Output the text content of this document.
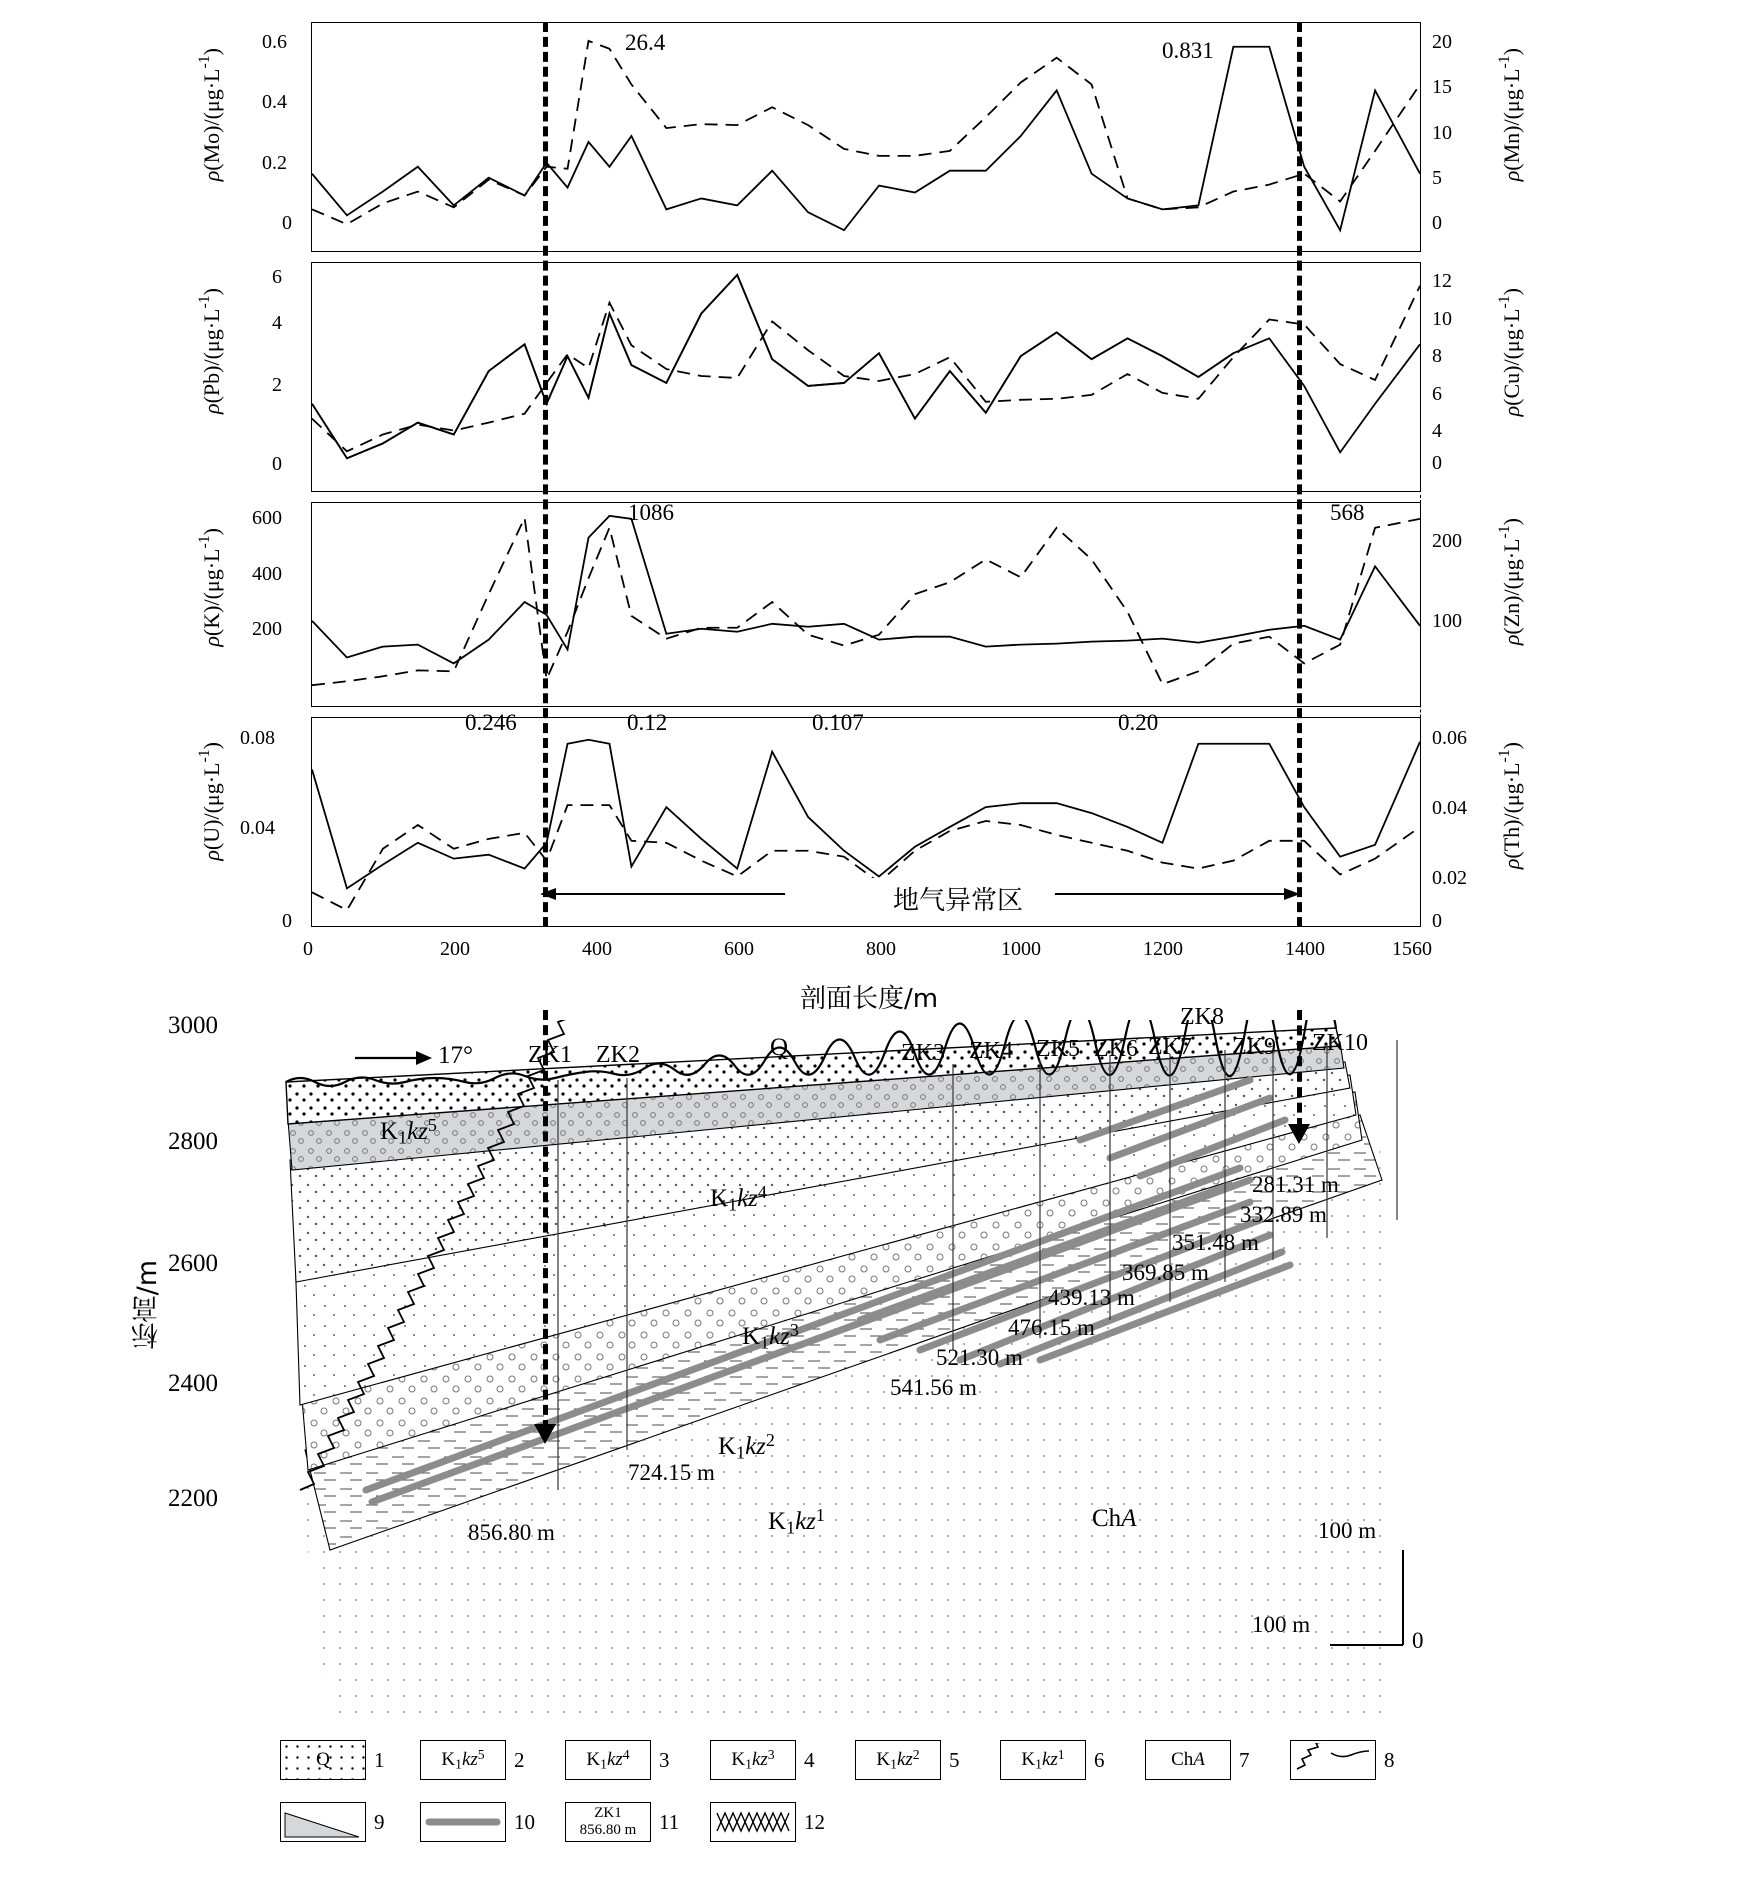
0.6
0.4
0.2
0
20
15
10
5
0
26.4	0.831
$\rho(Mo)/(\mu g\cdot L^{-1})$
$\rho(Mn)/(\mu g\cdot L^{-1})$
6
4
2
0
12
10
8
6
4
0
$\rho(Pb)/(\mu g\cdot L^{-1})$
$\rho(Cu)/(\mu g\cdot L^{-1})$
600
400
200
200
100
1086	568
$\rho(K)/(\mu g\cdot L^{-1})$
$\rho(Zn)/(\mu g\cdot L^{-1})$
0.08
0.04
0
0.06
0.04
0.02
0
0.246	0.12	0.107	0.20
$\rho(U)/(\mu g\cdot L^{-1})$
$\rho(Th)/(\mu g\cdot L^{-1})$
地气异常区
0	200	400	600	800	1000	1200	1400	1560
剖面长度/m
3000
2800
2600
2400
2200
标高/m
17° ZK1 ZK2	ZK3 ZK4 ZK5 ZK6 ZK7
ZK8
ZK9 ZK10
541.56 m
521.30 m
476.15 m
439.13 m
369.85 m
351.48 m
332.89 m
281.31 m
724.15 m
856.80 m
Q
$K_1kz^5$
$K_1kz^4$
$K_1kz^3$
$K_1kz^2$
$K_1kz^1$	ChA	100 m
100 m
0
Q 1	$K_1kz^5$ 2	$K_1kz^4$ 3	$K_1kz^3$ 4	$K_1kz^2$ 5	$K_1kz^1$ 6	ChA 7	8
9	10	ZK1
856.80 m 11	12
